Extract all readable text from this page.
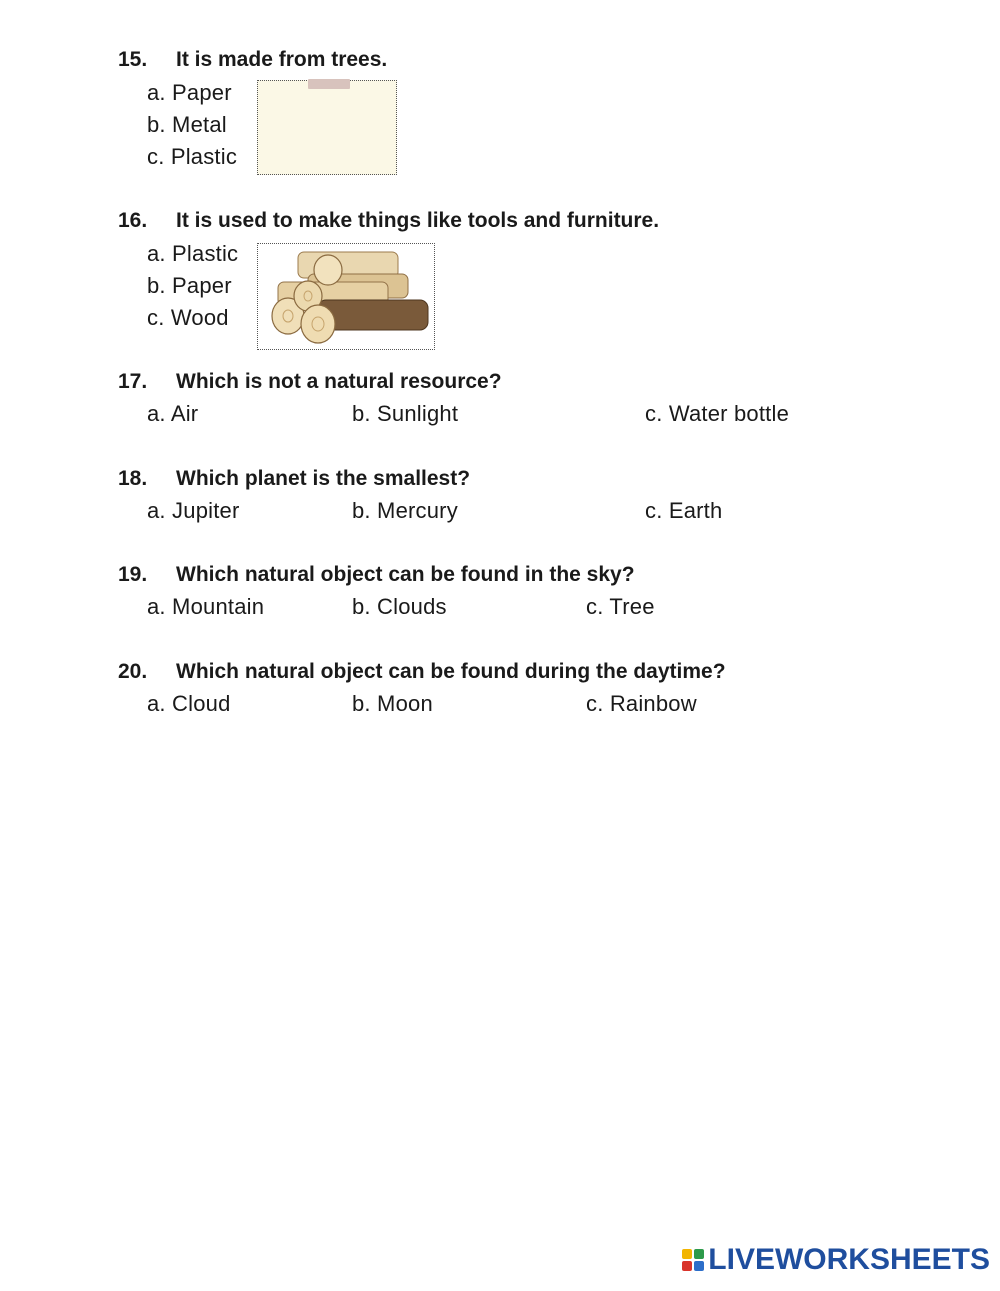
15. It is made from trees.
a. Paper
b. Metal
c. Plastic
16. It is used to make things like tools and furniture.
a. Plastic
b. Paper
c. Wood
17. Which is not a natural resource?
a. Air	b. Sunlight	c. Water bottle
18. Which planet is the smallest?
a. Jupiter	b. Mercury	c. Earth
19. Which natural object can be found in the sky?
a. Mountain	b. Clouds	c. Tree
20. Which natural object can be found during the daytime?
a. Cloud	b. Moon	c. Rainbow
LIVEWORKSHEETS
